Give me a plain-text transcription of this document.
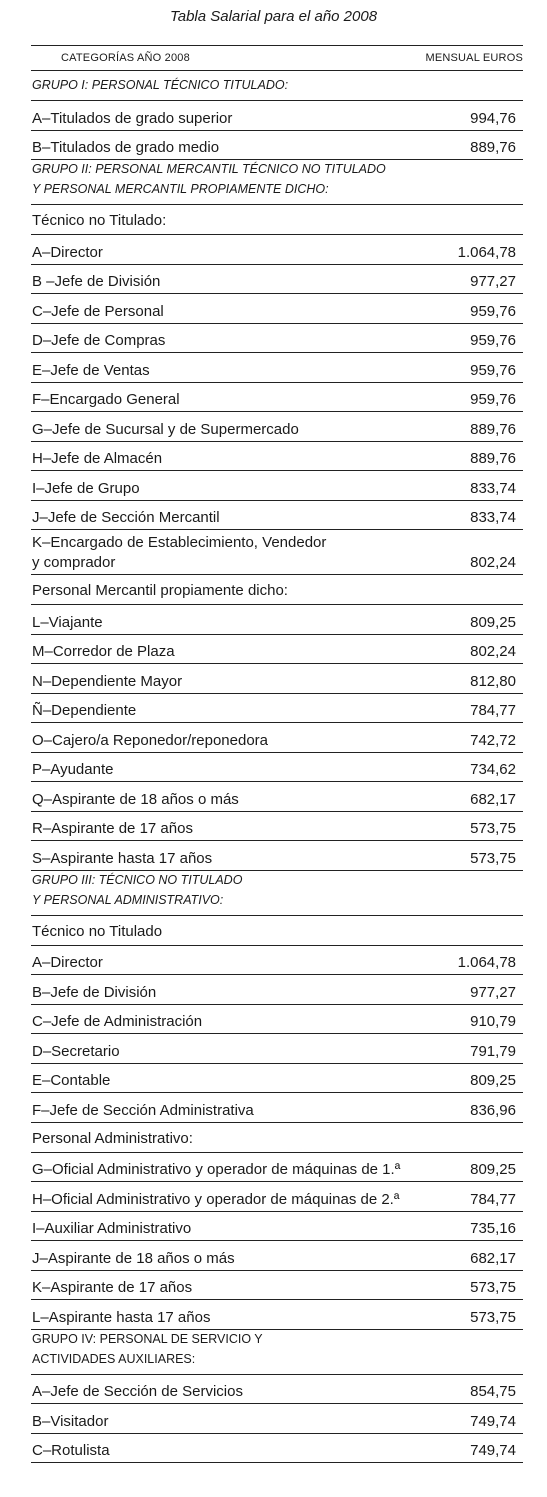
Tabla Salarial para el año 2008
CATEGORÍAS AÑO 2008	MENSUAL EUROS
GRUPO I: PERSONAL TÉCNICO TITULADO:
A–Titulados de grado superior	994,76
B–Titulados de grado medio	889,76
GRUPO II: PERSONAL MERCANTIL TÉCNICO NO TITULADO
Y PERSONAL MERCANTIL PROPIAMENTE DICHO:
Técnico no Titulado:
A–Director	1.064,78
B –Jefe de División	977,27
C–Jefe de Personal	959,76
D–Jefe de Compras	959,76
E–Jefe de Ventas	959,76
F–Encargado General	959,76
G–Jefe de Sucursal y de Supermercado	889,76
H–Jefe de Almacén	889,76
I–Jefe de Grupo	833,74
J–Jefe de Sección Mercantil	833,74
K–Encargado de Establecimiento, Vendedor
y comprador	802,24
Personal Mercantil propiamente dicho:
L–Viajante	809,25
M–Corredor de Plaza	802,24
N–Dependiente Mayor	812,80
Ñ–Dependiente	784,77
O–Cajero/a Reponedor/reponedora	742,72
P–Ayudante	734,62
Q–Aspirante de 18 años o más	682,17
R–Aspirante de 17 años	573,75
S–Aspirante hasta 17 años	573,75
GRUPO III: TÉCNICO NO TITULADO
Y PERSONAL ADMINISTRATIVO:
Técnico no Titulado
A–Director	1.064,78
B–Jefe de División	977,27
C–Jefe de Administración	910,79
D–Secretario	791,79
E–Contable	809,25
F–Jefe de Sección Administrativa	836,96
Personal Administrativo:
G–Oficial Administrativo y operador de máquinas de 1.ª	809,25
H–Oficial Administrativo y operador de máquinas de 2.ª	784,77
I–Auxiliar Administrativo	735,16
J–Aspirante de 18 años o más	682,17
K–Aspirante de 17 años	573,75
L–Aspirante hasta 17 años	573,75
GRUPO IV: PERSONAL DE SERVICIO Y
ACTIVIDADES AUXILIARES:
A–Jefe de Sección de Servicios	854,75
B–Visitador	749,74
C–Rotulista	749,74
